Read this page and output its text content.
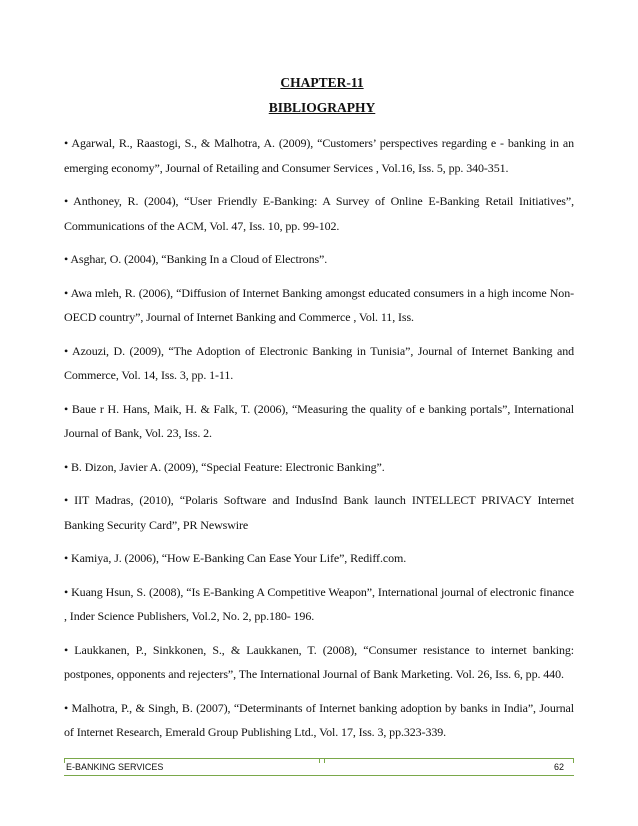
CHAPTER-11
BIBLIOGRAPHY

• Agarwal, R., Raastogi, S., & Malhotra, A. (2009), “Customers’ perspectives regarding e - banking in an emerging economy”, Journal of Retailing and Consumer Services , Vol.16, Iss. 5, pp. 340-351.

• Anthoney, R. (2004), “User Friendly E-Banking: A Survey of Online E-Banking Retail Initiatives”, Communications of the ACM, Vol. 47, Iss. 10, pp. 99-102.

• Asghar, O. (2004), “Banking In a Cloud of Electrons”.

• Awa mleh, R. (2006), “Diffusion of Internet Banking amongst educated consumers in a high income Non-OECD country”, Journal of Internet Banking and Commerce , Vol. 11, Iss.

• Azouzi, D. (2009), “The Adoption of Electronic Banking in Tunisia”, Journal of Internet Banking and Commerce, Vol. 14, Iss. 3, pp. 1-11.

• Baue r H. Hans, Maik, H. & Falk, T. (2006), “Measuring the quality of e banking portals”, International Journal of Bank, Vol. 23, Iss. 2.

• B. Dizon, Javier A. (2009), “Special Feature: Electronic Banking”.

• IIT Madras, (2010), “Polaris Software and IndusInd Bank launch INTELLECT PRIVACY Internet Banking Security Card”, PR Newswire

• Kamiya, J. (2006), “How E-Banking Can Ease Your Life”, Rediff.com.

• Kuang Hsun, S. (2008), “Is E-Banking A Competitive Weapon”, International journal of electronic finance , Inder Science Publishers, Vol.2, No. 2, pp.180- 196.

• Laukkanen, P., Sinkkonen, S., & Laukkanen, T. (2008), “Consumer resistance to internet banking: postpones, opponents and rejecters”, The International Journal of Bank Marketing. Vol. 26, Iss. 6, pp. 440.

• Malhotra, P., & Singh, B. (2007), “Determinants of Internet banking adoption by banks in India”, Journal of Internet Research, Emerald Group Publishing Ltd., Vol. 17, Iss. 3, pp.323-339.

E-BANKING SERVICES	62
